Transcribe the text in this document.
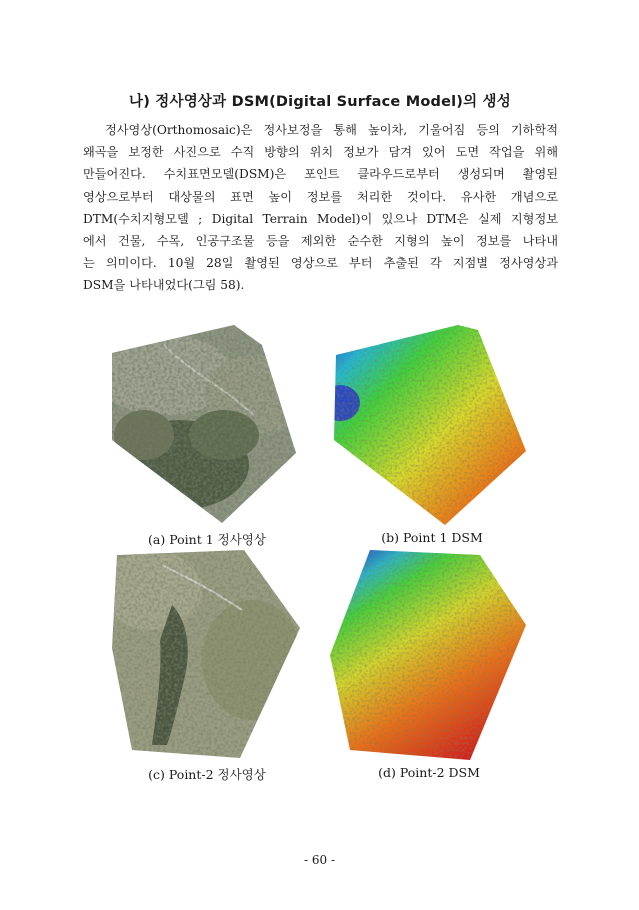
나) 정사영상과 DSM(Digital Surface Model)의 생성
정사영상(Orthomosaic)은 정사보정을 통해 높이차, 기울어짐 등의 기하학적
왜곡을 보정한 사진으로 수직 방향의 위치 정보가 담겨 있어 도면 작업을 위해
만들어진다. 수치표면모델(DSM)은 포인트 클라우드로부터 생성되며 촬영된
영상으로부터 대상물의 표면 높이 정보를 처리한 것이다. 유사한 개념으로
DTM(수치지형모델 ; Digital Terrain Model)이 있으나 DTM은 실제 지형정보
에서 건물, 수목, 인공구조물 등을 제외한 순수한 지형의 높이 정보를 나타내
는 의미이다. 10월 28일 촬영된 영상으로 부터 추출된 각 지점별 정사영상과
DSM을 나타내었다(그림 58).
(a) Point 1 정사영상	(b) Point 1 DSM
(c) Point-2 정사영상	(d) Point-2 DSM
- 60 -
